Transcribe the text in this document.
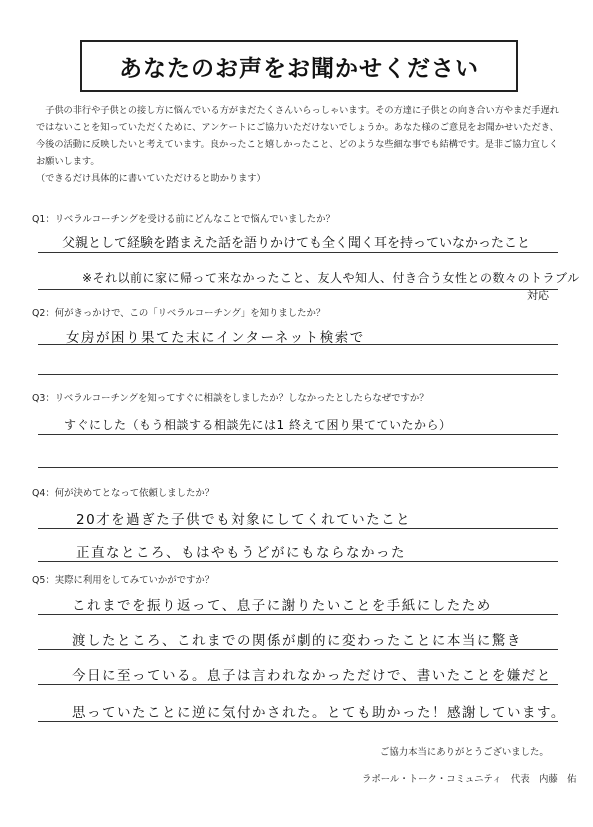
あなたのお声をお聞かせください

子供の非行や子供との接し方に悩んでいる方がまだたくさんいらっしゃいます。その方達に子供との向き合い方やまだ手遅れではないことを知っていただくために、アンケートにご協力いただけないでしょうか。あなた様のご意見をお聞かせいただき、今後の活動に反映したいと考えています。良かったこと嬉しかったこと、どのような些細な事でも結構です。是非ご協力宜しくお願いします。

（できるだけ具体的に書いていただけると助かります）

Q1：リベラルコーチングを受ける前にどんなことで悩んでいましたか？
父親として経験を踏まえた話を語りかけても全く聞く耳を持っていなかったこと
※それ以前に家に帰って来なかったこと、友人や知人、付き合う女性との数々のトラブル
対応
Q2：何がきっかけで、この「リベラルコーチング」を知りましたか？
女房が困り果てた末にインターネット検索で
Q3：リベラルコーチングを知ってすぐに相談をしましたか？しなかったとしたらなぜですか？
すぐにした（もう相談する相談先には1 終えて困り果てていたから）
Q4：何が決めてとなって依頼しましたか？
20才を過ぎた子供でも対象にしてくれていたこと
正直なところ、もはやもうどがにもならなかった
Q5：実際に利用をしてみていかがですか？
これまでを振り返って、息子に謝りたいことを手紙にしたため
渡したところ、これまでの関係が劇的に変わったことに本当に驚き
今日に至っている。息子は言われなかっただけで、書いたことを嫌だと
思っていたことに逆に気付かされた。とても助かった！感謝しています。
ご協力本当にありがとうございました。
ラポール・トーク・コミュニティ　代表　内藤　佑
